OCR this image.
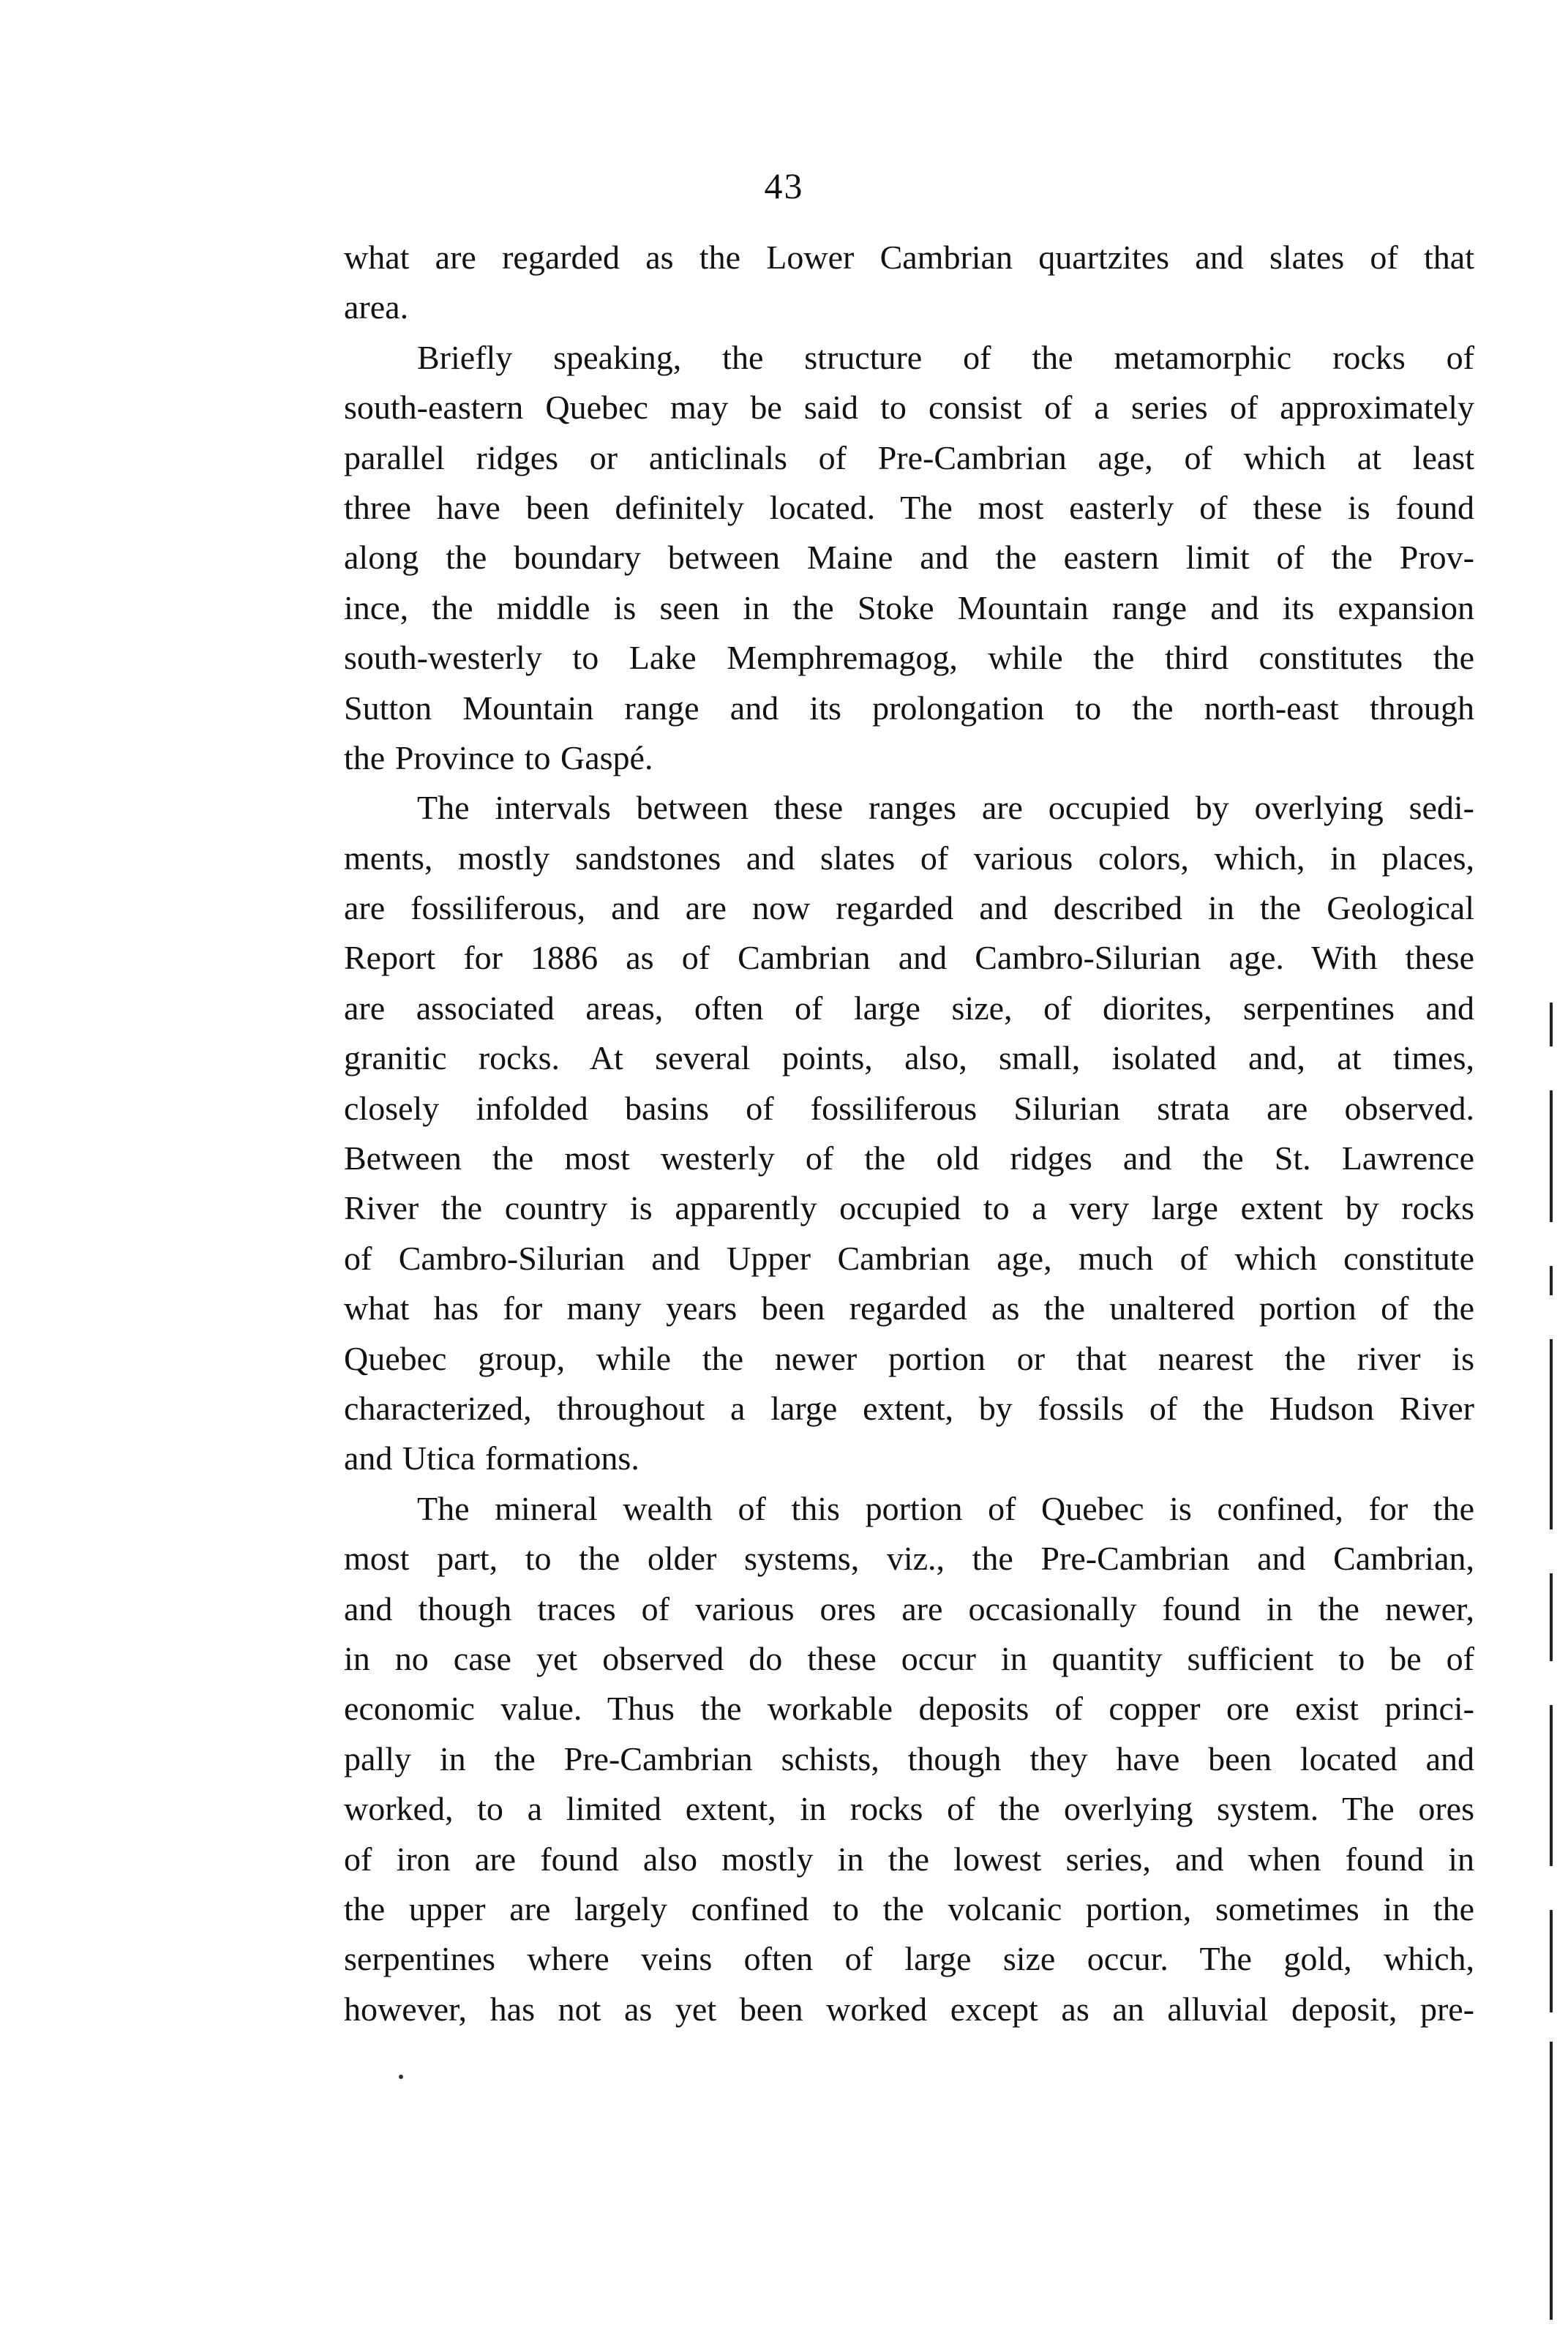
43
what are regarded as the Lower Cambrian quartzites and slates of that
area.
Briefly speaking, the structure of the metamorphic rocks of
south-eastern Quebec may be said to consist of a series of approximately
parallel ridges or anticlinals of Pre-Cambrian age, of which at least
three have been definitely located. The most easterly of these is found
along the boundary between Maine and the eastern limit of the Prov-
ince, the middle is seen in the Stoke Mountain range and its expansion
south-westerly to Lake Memphremagog, while the third constitutes the
Sutton Mountain range and its prolongation to the north-east through
the Province to Gaspé.
The intervals between these ranges are occupied by overlying sedi-
ments, mostly sandstones and slates of various colors, which, in places,
are fossiliferous, and are now regarded and described in the Geological
Report for 1886 as of Cambrian and Cambro-Silurian age. With these
are associated areas, often of large size, of diorites, serpentines and
granitic rocks. At several points, also, small, isolated and, at times,
closely infolded basins of fossiliferous Silurian strata are observed.
Between the most westerly of the old ridges and the St. Lawrence
River the country is apparently occupied to a very large extent by rocks
of Cambro-Silurian and Upper Cambrian age, much of which constitute
what has for many years been regarded as the unaltered portion of the
Quebec group, while the newer portion or that nearest the river is
characterized, throughout a large extent, by fossils of the Hudson River
and Utica formations.
The mineral wealth of this portion of Quebec is confined, for the
most part, to the older systems, viz., the Pre-Cambrian and Cambrian,
and though traces of various ores are occasionally found in the newer,
in no case yet observed do these occur in quantity sufficient to be of
economic value. Thus the workable deposits of copper ore exist princi-
pally in the Pre-Cambrian schists, though they have been located and
worked, to a limited extent, in rocks of the overlying system. The ores
of iron are found also mostly in the lowest series, and when found in
the upper are largely confined to the volcanic portion, sometimes in the
serpentines where veins often of large size occur. The gold, which,
however, has not as yet been worked except as an alluvial deposit, pre-
